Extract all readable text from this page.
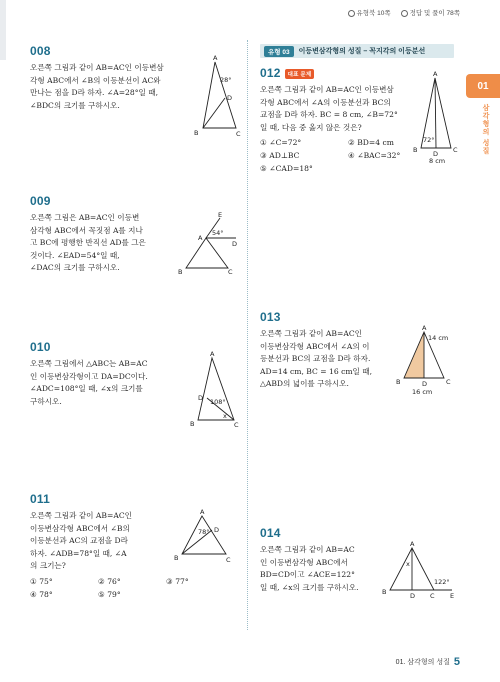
유형북 10쪽	정답 및 풀이 78쪽
01
삼각형의 성질
008

오른쪽 그림과 같이 AB=AC인 이등변삼

각형 ABC에서 ∠B의 이등분선이 AC와

만나는 점을 D라 하자. ∠A=28°일 때,

∠BDC의 크기를 구하시오.

A
B	C
D
28°
009

오른쪽 그림은 AB=AC인 이등변

삼각형 ABC에서 꼭짓점 A를 지나

고 BC에 평행한 반직선 AD를 그은

것이다. ∠EAD=54°일 때,

∠DAC의 크기를 구하시오.

A
B	C
D
E
54°
010

오른쪽 그림에서 △ABC는 AB=AC

인 이등변삼각형이고 DA=DC이다.

∠ADC=108°일 때, ∠x의 크기를

구하시오.

A
B	C
D 108°
x
011

오른쪽 그림과 같이 AB=AC인

이등변삼각형 ABC에서 ∠B의

이등분선과 AC의 교점을 D라

하자. ∠ADB=78°일 때, ∠A

의 크기는?

① 75°	② 76°	③ 77°
④ 78°	⑤ 79°
A
B	C
D
78°
유형 03	이등변삼각형의 성질 – 꼭지각의 이등분선
012 대표 문제

오른쪽 그림과 같이 AB=AC인 이등변삼

각형 ABC에서 ∠A의 이등분선과 BC의

교점을 D라 하자. BC = 8 cm, ∠B=72°

일 때, 다음 중 옳지 않은 것은?

① ∠C=72°	② BD=4 cm
③ AD⊥BC	④ ∠BAC=32°
⑤ ∠CAD=18°
A
B	C
D
72°
8 cm
013

오른쪽 그림과 같이 AB=AC인

이등변삼각형 ABC에서 ∠A의 이

등분선과 BC의 교점을 D라 하자.

AD=14 cm, BC = 16 cm일 때,

△ABD의 넓이를 구하시오.

A
B	C
D
14 cm
16 cm
014

오른쪽 그림과 같이 AB=AC

인 이등변삼각형 ABC에서

BD=CD이고 ∠ACE=122°

일 때, ∠x의 크기를 구하시오.

A
B	D C E
122°
x
01. 삼각형의 성질 5
